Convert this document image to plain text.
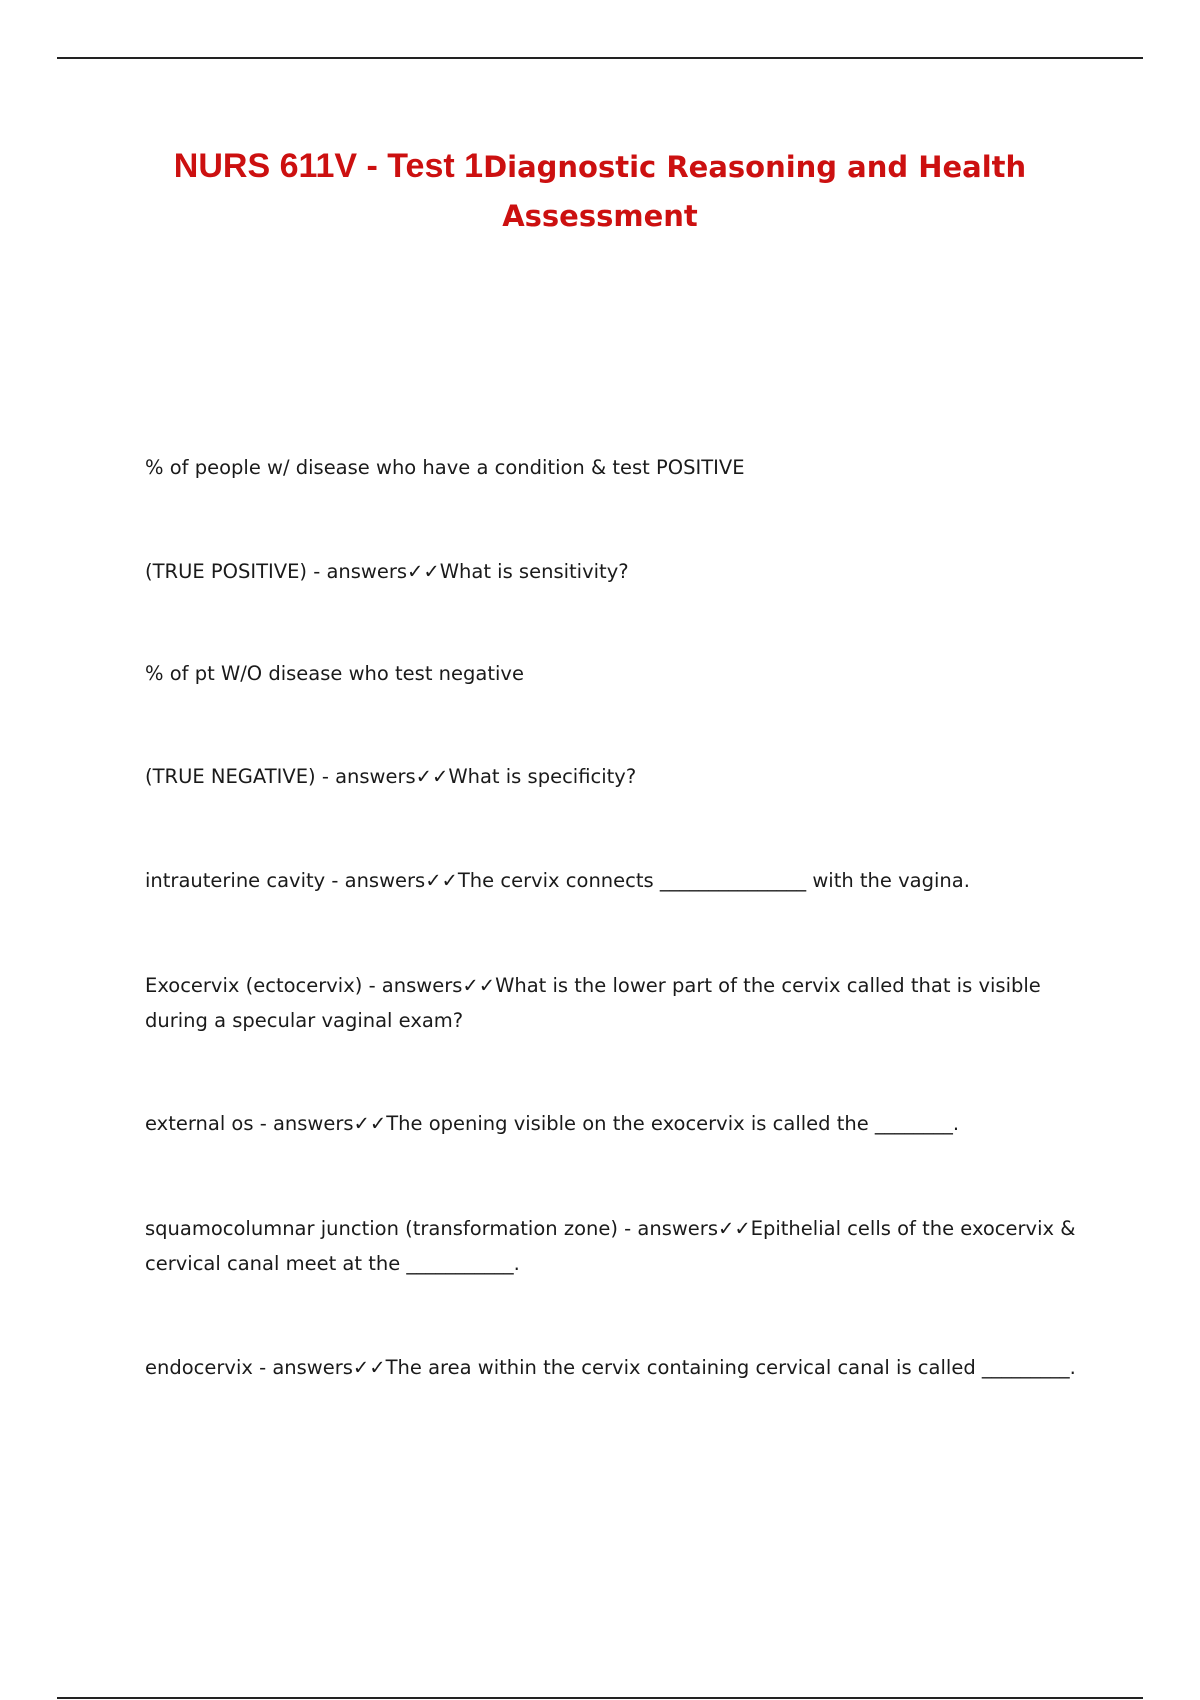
NURS 611V - Test 1Diagnostic Reasoning and Health Assessment
% of people w/ disease who have a condition & test POSITIVE
(TRUE POSITIVE) - answers✓✓What is sensitivity?
% of pt W/O disease who test negative
(TRUE NEGATIVE) - answers✓✓What is specificity?
intrauterine cavity - answers✓✓The cervix connects _______________ with the vagina.
Exocervix (ectocervix) - answers✓✓What is the lower part of the cervix called that is visible during a specular vaginal exam?
external os - answers✓✓The opening visible on the exocervix is called the ________.
squamocolumnar junction (transformation zone) - answers✓✓Epithelial cells of the exocervix & cervical canal meet at the ___________.
endocervix - answers✓✓The area within the cervix containing cervical canal is called _________.
